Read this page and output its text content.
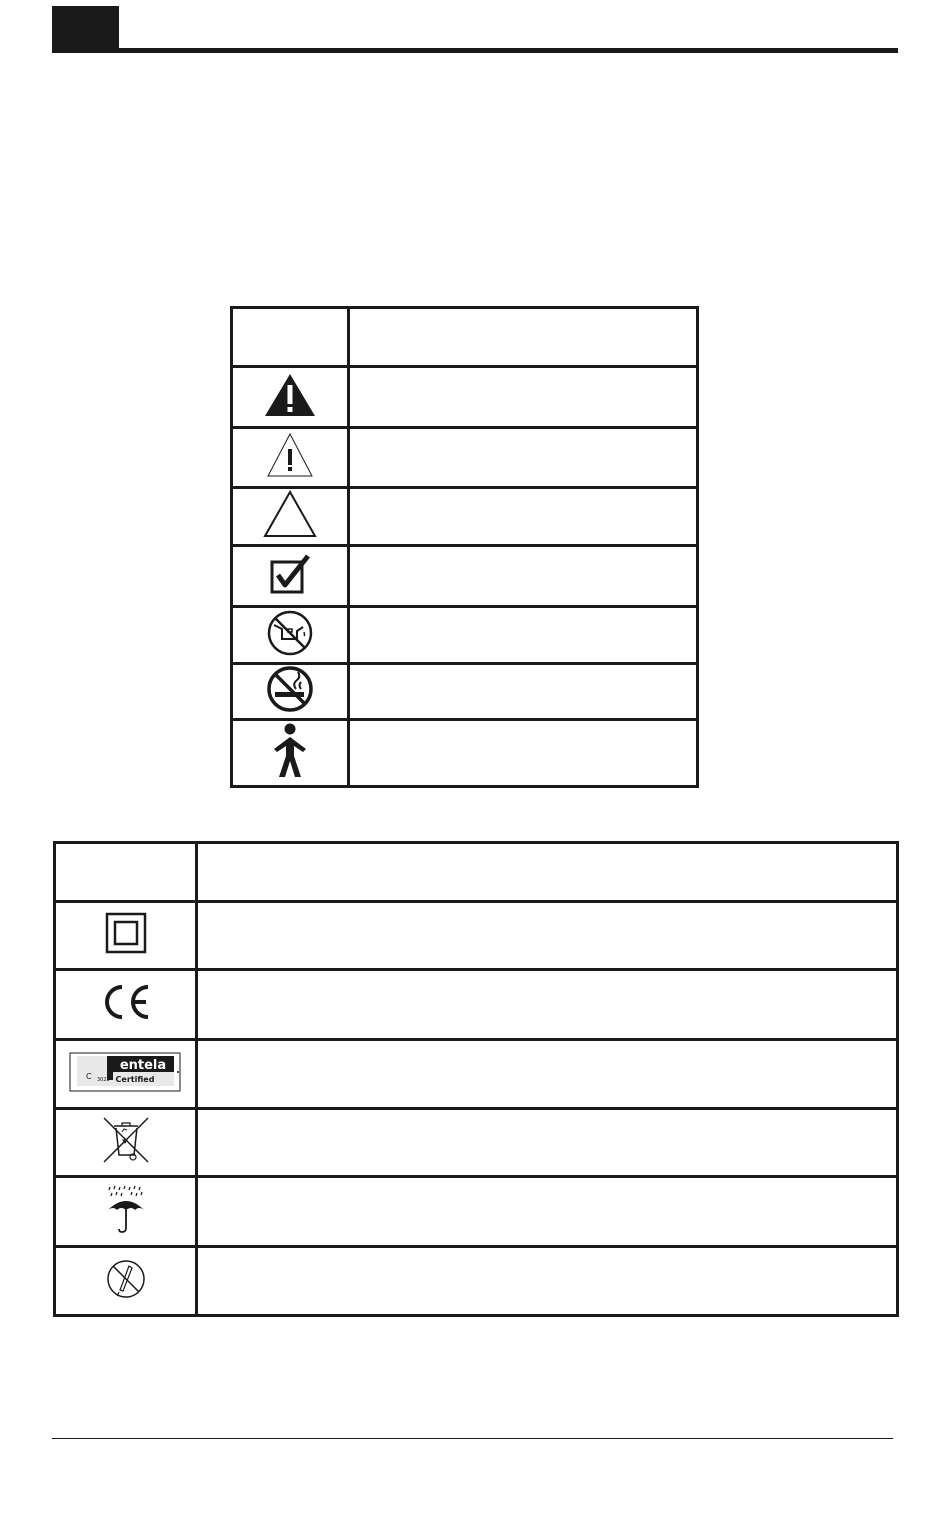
entela
C 3022 Certified	
